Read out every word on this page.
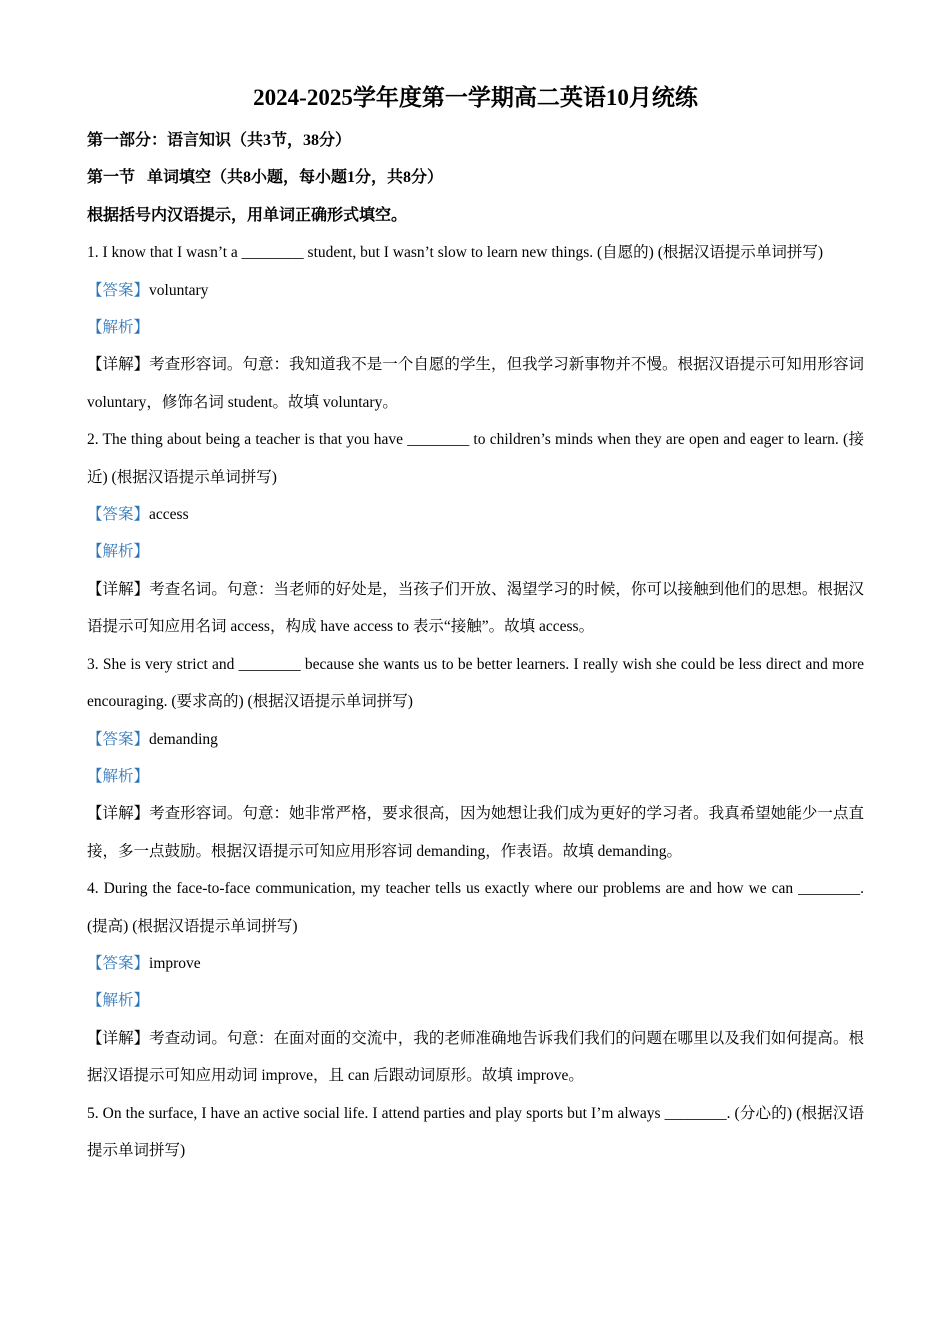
2024-2025学年度第一学期高二英语10月统练

第一部分：语言知识（共3节，38分）

第一节   单词填空（共8小题，每小题1分，共8分）

根据括号内汉语提示，用单词正确形式填空。

1. I know that I wasn’t a ________ student, but I wasn’t slow to learn new things. (自愿的) (根据汉语提示单词拼写)

【答案】voluntary

【解析】

【详解】考查形容词。句意：我知道我不是一个自愿的学生，但我学习新事物并不慢。根据汉语提示可知用形容词 voluntary，修饰名词 student。故填 voluntary。

2. The thing about being a teacher is that you have ________ to children’s minds when they are open and eager to learn. (接近) (根据汉语提示单词拼写)

【答案】access

【解析】

【详解】考查名词。句意：当老师的好处是，当孩子们开放、渴望学习的时候，你可以接触到他们的思想。根据汉语提示可知应用名词 access，构成 have access to 表示“接触”。故填 access。

3. She is very strict and ________ because she wants us to be better learners. I really wish she could be less direct and more encouraging. (要求高的) (根据汉语提示单词拼写)

【答案】demanding

【解析】

【详解】考查形容词。句意：她非常严格，要求很高，因为她想让我们成为更好的学习者。我真希望她能少一点直接，多一点鼓励。根据汉语提示可知应用形容词 demanding，作表语。故填 demanding。

4. During the face-to-face communication, my teacher tells us exactly where our problems are and how we can ________. (提高) (根据汉语提示单词拼写)

【答案】improve

【解析】

【详解】考查动词。句意：在面对面的交流中，我的老师准确地告诉我们我们的问题在哪里以及我们如何提高。根据汉语提示可知应用动词 improve，且 can 后跟动词原形。故填 improve。

5. On the surface, I have an active social life. I attend parties and play sports but I’m always ________. (分心的) (根据汉语提示单词拼写)
